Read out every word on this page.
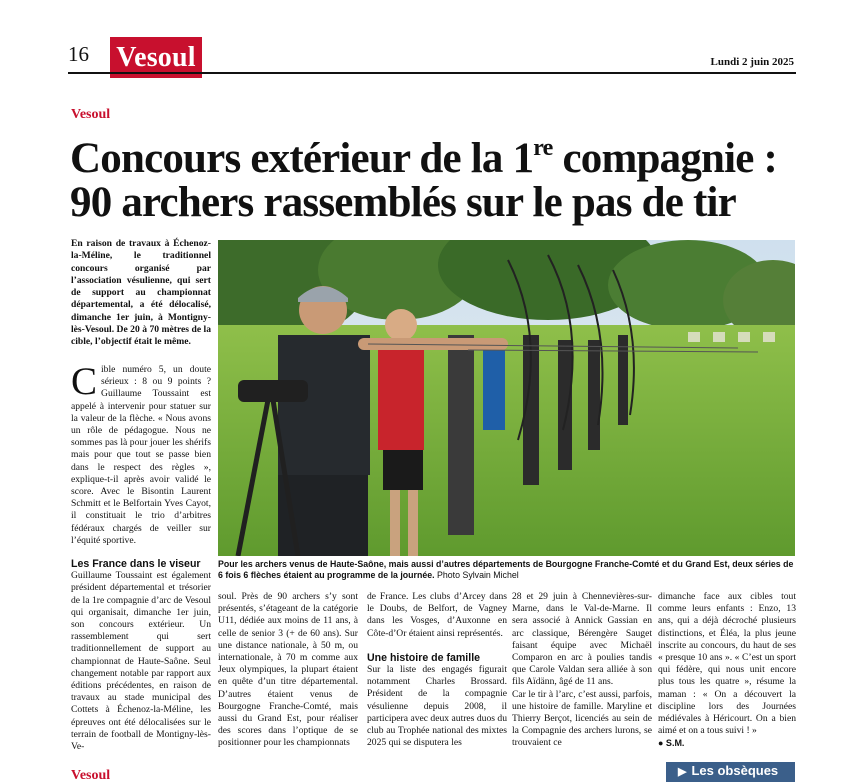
16 Vesoul	Lundi 2 juin 2025
Vesoul
Concours extérieur de la 1re compagnie :
90 archers rassemblés sur le pas de tir
En raison de travaux à Échenoz-la-Méline, le traditionnel concours organisé par l’association vésulienne, qui sert de support au championnat départemental, a été délocalisé, dimanche 1er juin, à Montigny-lès-Vesoul. De 20 à 70 mètres de la cible, l’objectif était le même.
C ible numéro 5, un doute sérieux : 8 ou 9 points ? Guillaume Toussaint est appelé à intervenir pour statuer sur la valeur de la flèche. « Nous avons un rôle de pédagogue. Nous ne sommes pas là pour jouer les shérifs mais pour que tout se passe bien dans le respect des règles », explique-t-il après avoir validé le score. Avec le Bisontin Laurent Schmitt et le Belfortain Yves Cayot, il constituait le trio d’arbitres fédéraux chargés de veiller sur l’équité sportive.

Les France dans le viseur

Guillaume Toussaint est également président départemental et trésorier de la 1re compagnie d’arc de Vesoul qui organisait, dimanche 1er juin, son concours extérieur. Un rassemblement qui sert traditionnellement de support au championnat de Haute-Saône. Seul changement notable par rapport aux éditions précédentes, en raison de travaux au stade municipal des Cottets à Échenoz-la-Méline, les épreuves ont été délocalisées sur le terrain de football de Montigny-lès-Ve-

Pour les archers venus de Haute-Saône, mais aussi d’autres départements de Bourgogne Franche-Comté et du Grand Est, deux séries de 6 fois 6 flèches étaient au programme de la journée. Photo Sylvain Michel
soul. Près de 90 archers s’y sont présentés, s’étageant de la catégorie U11, dédiée aux moins de 11 ans, à celle de senior 3 (+ de 60 ans). Sur une distance nationale, à 50 m, ou internationale, à 70 m comme aux Jeux olympiques, la plupart étaient en quête d’un titre départemental. D’autres étaient venus de Bourgogne Franche-Comté, mais aussi du Grand Est, pour réaliser des scores dans l’optique de se positionner pour les championnats

de France. Les clubs d’Arcey dans le Doubs, de Belfort, de Vagney dans les Vosges, d’Auxonne en Côte-d’Or étaient ainsi représentés.

Une histoire de famille

Sur la liste des engagés figurait notamment Charles Brossard. Président de la compagnie vésulienne depuis 2008, il participera avec deux autres duos du club au Trophée national des mixtes 2025 qui se disputera les

28 et 29 juin à Chennevières-sur-Marne, dans le Val-de-Marne. Il sera associé à Annick Gassian en arc classique, Bérengère Sauget faisant équipe avec Michaël Comparon en arc à poulies tandis que Carole Valdan sera alliée à son fils Aïdänn, âgé de 11 ans.

Car le tir à l’arc, c’est aussi, parfois, une histoire de famille. Maryline et Thierry Berçot, licenciés au sein de la Compagnie des archers lurons, se trouvaient ce

dimanche face aux cibles tout comme leurs enfants : Enzo, 13 ans, qui a déjà décroché plusieurs distinctions, et Éléa, la plus jeune inscrite au concours, du haut de ses « presque 10 ans ». « C’est un sport qui fédère, qui nous unit encore plus tous les quatre », résume la maman : « On a découvert la discipline lors des Journées médiévales à Héricourt. On a bien aimé et on a tous suivi ! »

● S.M.

Vesoul	▶ Les obsèques
